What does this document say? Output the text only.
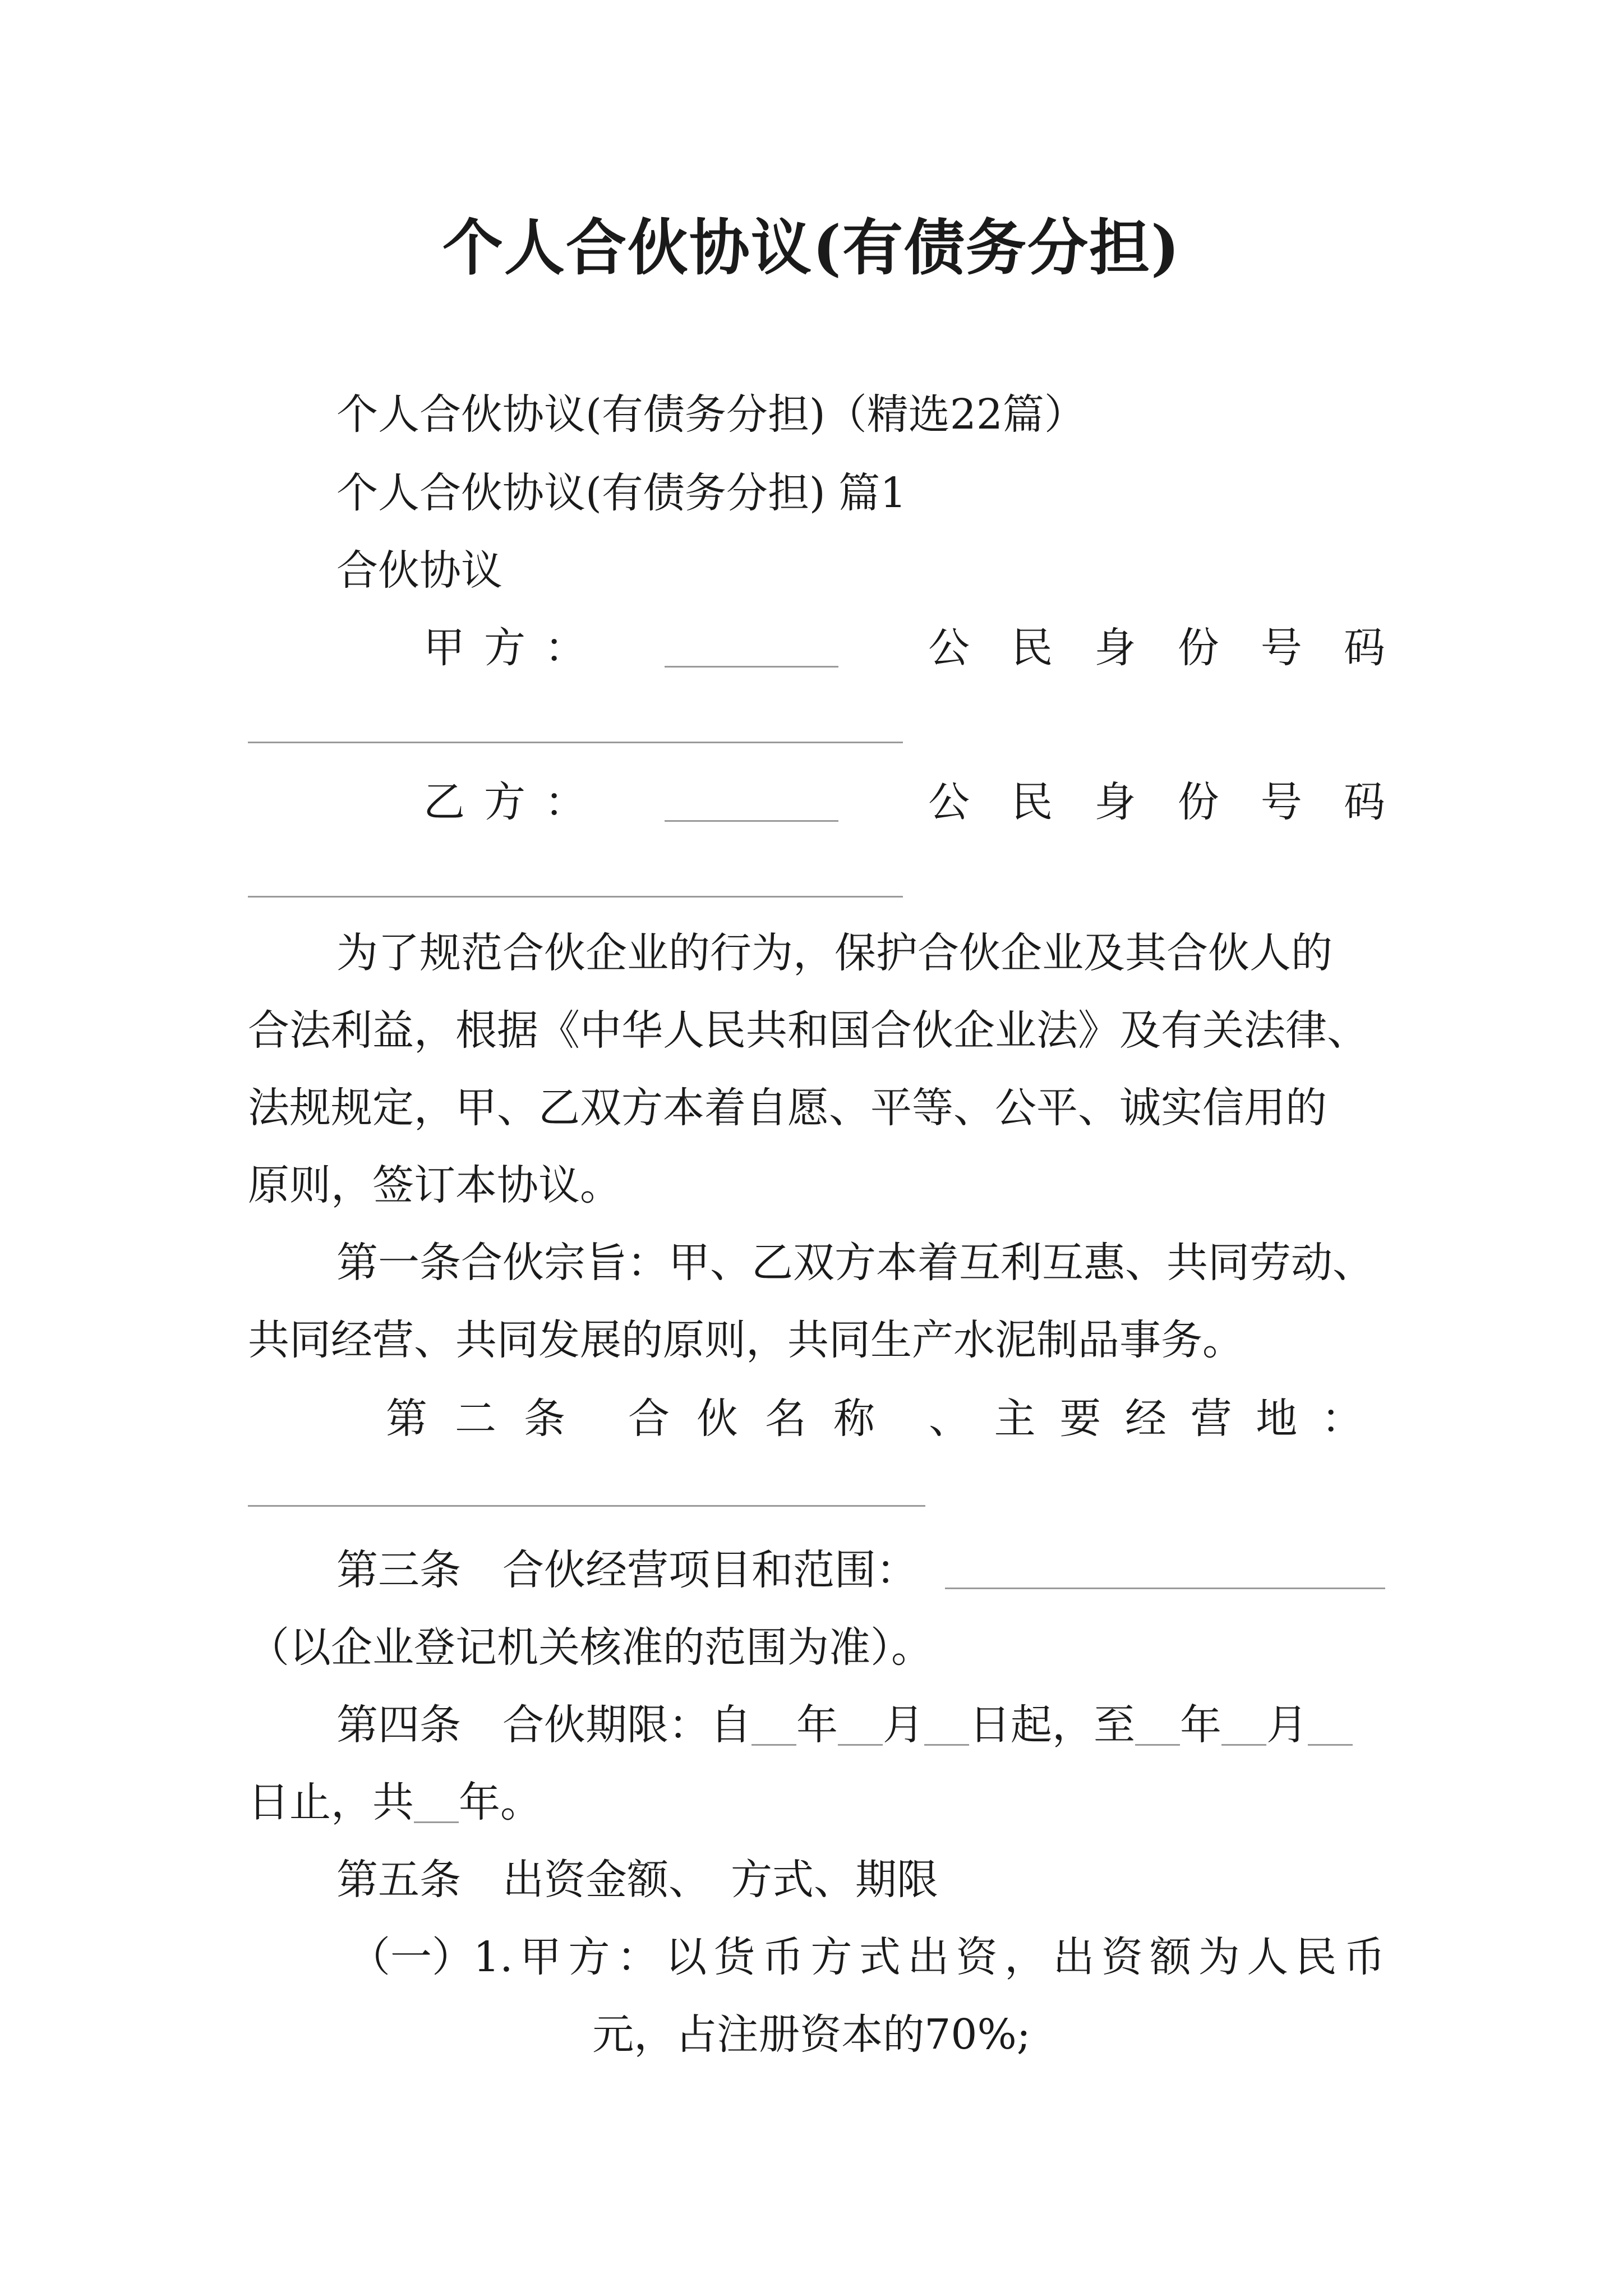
个人合伙协议(有债务分担)
个人合伙协议(有债务分担)（精选22篇）
个人合伙协议(有债务分担) 篇1
合伙协议
甲 方 ：	公 民 身 份 号 码
乙 方 ：	公 民 身 份 号 码
为了规范合伙企业的行为，保护合伙企业及其合伙人的
合法利益，根据《中华人民共和国合伙企业法》及有关法律、
法规规定，甲、乙双方本着自愿、平等、公平、诚实信用的
原则，签订本协议。
第一条合伙宗旨：甲、乙双方本着互利互惠、共同劳动、
共同经营、共同发展的原则，共同生产水泥制品事务。
第 二 条 合 伙 名 称 、 主 要 经 营 地 ：
第三条　合伙经营项目和范围：
（以企业登记机关核准的范围为准）。
第四条　合伙期限：自 年 月 日起，至 年 月
日止，共 年。
第五条　出资金额、　方式、期限
（一）1. 甲 方 ： 以 货 币 方 式 出 资 ， 出 资 额 为 人 民 币
元，占注册资本的70%;
